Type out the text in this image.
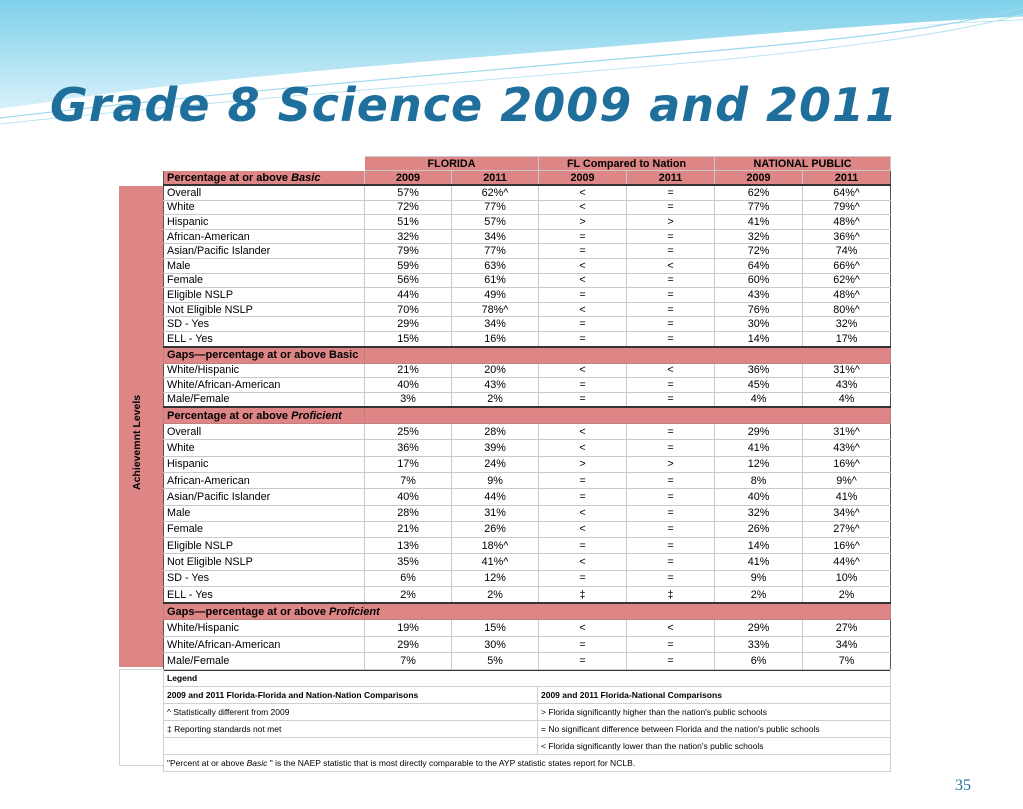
Grade 8 Science 2009 and 2011
Achievemnt Levels
	FLORIDA		FL Compared to Nation		NATIONAL PUBLIC	
Percentage at or above Basic	2009	2011	2009	2011	2009	2011
Overall	57%	62%^	<	=	62%	64%^
White	72%	77%	<	=	77%	79%^
Hispanic	51%	57%	>	>	41%	48%^
African-American	32%	34%	=	=	32%	36%^
Asian/Pacific Islander	79%	77%	=	=	72%	74%
Male	59%	63%	<	<	64%	66%^
Female	56%	61%	<	=	60%	62%^
Eligible NSLP	44%	49%	=	=	43%	48%^
Not Eligible NSLP	70%	78%^	<	=	76%	80%^
SD - Yes	29%	34%	=	=	30%	32%
ELL - Yes	15%	16%	=	=	14%	17%
Gaps—percentage at or above Basic						
White/Hispanic	21%	20%	<	<	36%	31%^
White/African-American	40%	43%	=	=	45%	43%
Male/Female	3%	2%	=	=	4%	4%
Percentage at or above Proficient						
Overall	25%	28%	<	=	29%	31%^
White	36%	39%	<	=	41%	43%^
Hispanic	17%	24%	>	>	12%	16%^
African-American	7%	9%	=	=	8%	9%^
Asian/Pacific Islander	40%	44%	=	=	40%	41%
Male	28%	31%	<	=	32%	34%^
Female	21%	26%	<	=	26%	27%^
Eligible NSLP	13%	18%^	=	=	14%	16%^
Not Eligible NSLP	35%	41%^	<	=	41%	44%^
SD - Yes	6%	12%	=	=	9%	10%
ELL - Yes	2%	2%	‡	‡	2%	2%
Gaps—percentage at or above Proficient						
White/Hispanic	19%	15%	<	<	29%	27%
White/African-American	29%	30%	=	=	33%	34%
Male/Female	7%	5%	=	=	6%	7%
Legend	
2009 and 2011 Florida-Florida and Nation-Nation Comparisons	2009 and 2011 Florida-National Comparisons
^ Statistically different from 2009	> Florida significantly higher than the nation's public schools
‡ Reporting standards not met	= No significant difference between Florida and the nation's public schools
	< Florida significantly lower than the nation's public schools
"Percent at or above Basic " is the NAEP statistic that is most directly comparable to the AYP statistic states report for NCLB.	
35
